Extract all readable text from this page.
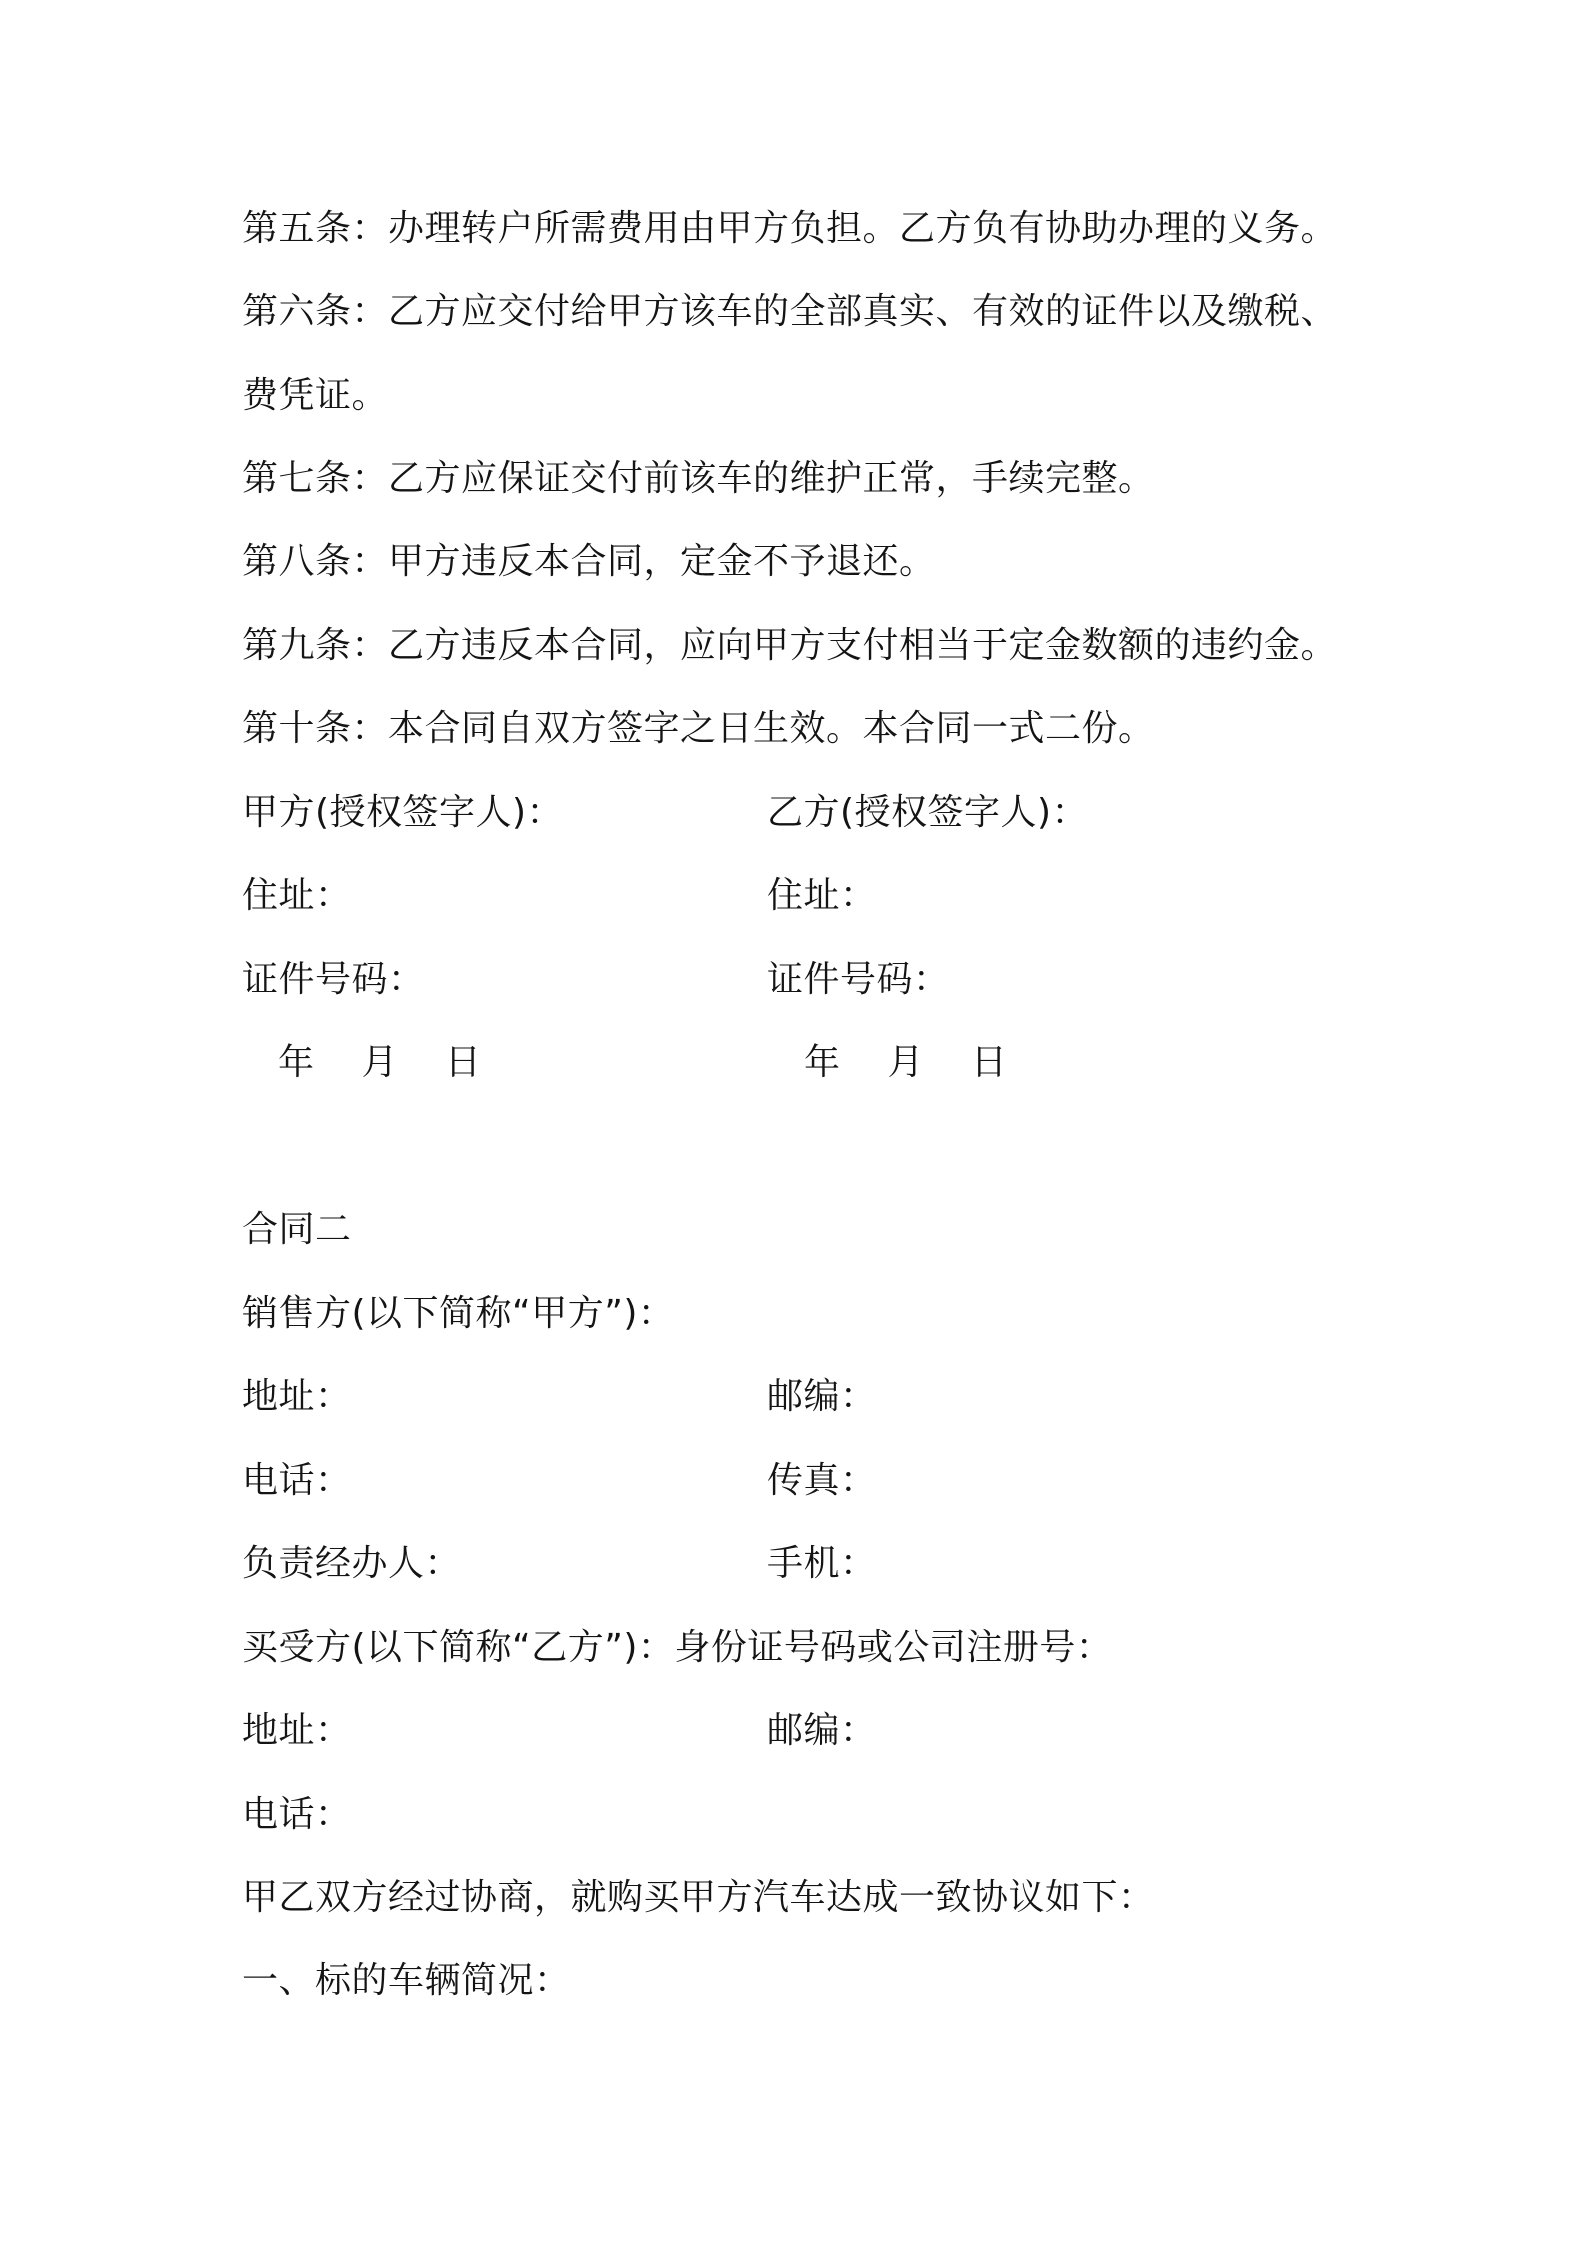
第五条：办理转户所需费用由甲方负担。乙方负有协助办理的义务。
第六条：乙方应交付给甲方该车的全部真实、有效的证件以及缴税、
费凭证。
第七条：乙方应保证交付前该车的维护正常，手续完整。
第八条：甲方违反本合同，定金不予退还。
第九条：乙方违反本合同，应向甲方支付相当于定金数额的违约金。
第十条：本合同自双方签字之日生效。本合同一式二份。
甲方(授权签字人)：	乙方(授权签字人)：
住址：	住址：
证件号码：	证件号码：
年　 月　 日	年　 月　 日
合同二
销售方(以下简称“甲方”)：
地址：	邮编：
电话：	传真：
负责经办人：	手机：
买受方(以下简称“乙方”)：身份证号码或公司注册号：
地址：	邮编：
电话：
甲乙双方经过协商，就购买甲方汽车达成一致协议如下：
一、标的车辆简况：
